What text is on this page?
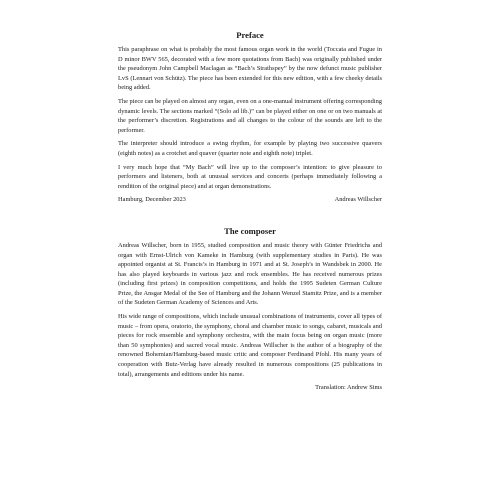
Preface

This paraphrase on what is probably the most famous organ work in the world (Toccata and Fugue in D minor BWV 565, decorated with a few more quotations from Bach) was originally published under the pseudonym John Campbell Maclagan as “Bach’s Strathspey” by the now defunct music publisher LvS (Lennart von Schütz). The piece has been extended for this new edition, with a few cheeky details being added.

The piece can be played on almost any organ, even on a one-manual instrument offering corresponding dynamic levels. The sections marked “(Solo ad lib.)” can be played either on one or on two manuals at the performer’s discretion. Registrations and all changes to the colour of the sounds are left to the performer.

The interpreter should introduce a swing rhythm, for example by playing two successive quavers (eighth notes) as a crotchet and quaver (quarter note and eighth note) triplet.

I very much hope that “My Bach” will live up to the composer’s intention: to give pleasure to performers and listeners, both at unusual services and concerts (perhaps immediately following a rendition of the original piece) and at organ demonstrations.

Hamburg, December 2023	Andreas Willscher
The composer

Andreas Willscher, born in 1955, studied composition and music theory with Günter Friedrichs and organ with Ernst-Ulrich von Kameke in Hamburg (with supplementary studies in Paris). He was appointed organist at St. Francis’s in Hamburg in 1971 and at St. Joseph’s in Wandsbek in 2000. He has also played keyboards in various jazz and rock ensembles. He has received numerous prizes (including first prizes) in composition competitions, and holds the 1995 Sudeten German Culture Prize, the Ansgar Medal of the See of Hamburg and the Johann Wenzel Stamitz Prize, and is a member of the Sudeten German Academy of Sciences and Arts.

His wide range of compositions, which include unusual combinations of instruments, cover all types of music – from opera, oratorio, the symphony, choral and chamber music to songs, cabaret, musicals and pieces for rock ensemble and symphony orchestra, with the main focus being on organ music (more than 50 symphonies) and sacred vocal music. Andreas Willscher is the author of a biography of the renowned Bohemian/Hamburg-based music critic and composer Ferdinand Pfohl. His many years of cooperation with Butz-Verlag have already resulted in numerous compositions (25 publications in total), arrangements and editions under his name.

Translation: Andrew Sims
